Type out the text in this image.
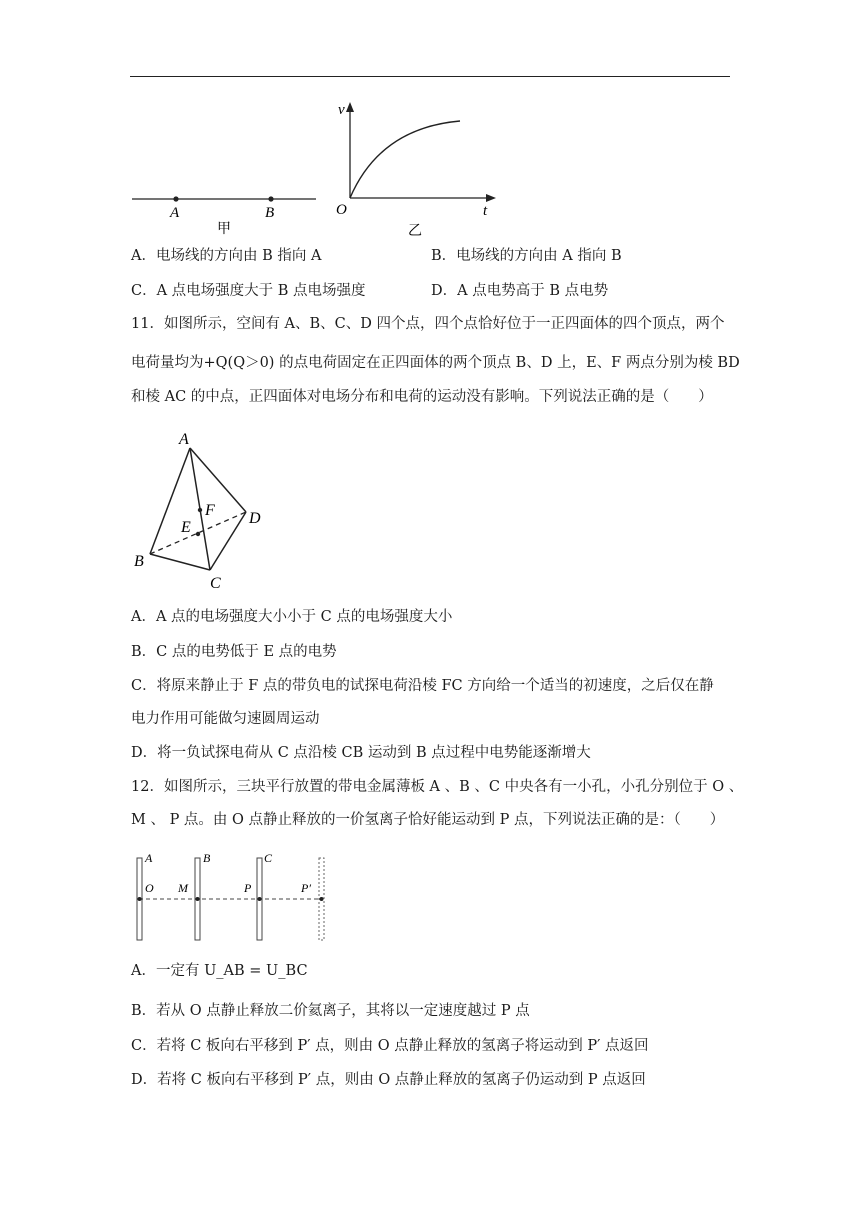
A	B
甲
v
t
O
乙
A．电场线的方向由 B 指向 A	B．电场线的方向由 A 指向 B
C．A 点电场强度大于 B 点电场强度	D．A 点电势高于 B 点电势
11．如图所示，空间有 A、B、C、D 四个点，四个点恰好位于一正四面体的四个顶点，两个
电荷量均为+Q(Q＞0) 的点电荷固定在正四面体的两个顶点 B、D 上，E、F 两点分别为棱 BD
和棱 AC 的中点，正四面体对电场分布和电荷的运动没有影响。下列说法正确的是（　　）
A
B
C
D
E
F
A．A 点的电场强度大小小于 C 点的电场强度大小
B．C 点的电势低于 E 点的电势
C．将原来静止于 F 点的带负电的试探电荷沿棱 FC 方向给一个适当的初速度，之后仅在静
电力作用可能做匀速圆周运动
D．将一负试探电荷从 C 点沿棱 CB 运动到 B 点过程中电势能逐渐增大
12．如图所示，三块平行放置的带电金属薄板 A 、B 、C 中央各有一小孔，小孔分别位于 O 、
M 、 P 点。由 O 点静止释放的一价氢离子恰好能运动到 P 点，下列说法正确的是：（　　）
A	B	C
O M	P	P′
A．一定有 U_AB = U_BC
B．若从 O 点静止释放二价氦离子，其将以一定速度越过 P 点
C．若将 C 板向右平移到 P′ 点，则由 O 点静止释放的氢离子将运动到 P′ 点返回
D．若将 C 板向右平移到 P′ 点，则由 O 点静止释放的氢离子仍运动到 P 点返回
